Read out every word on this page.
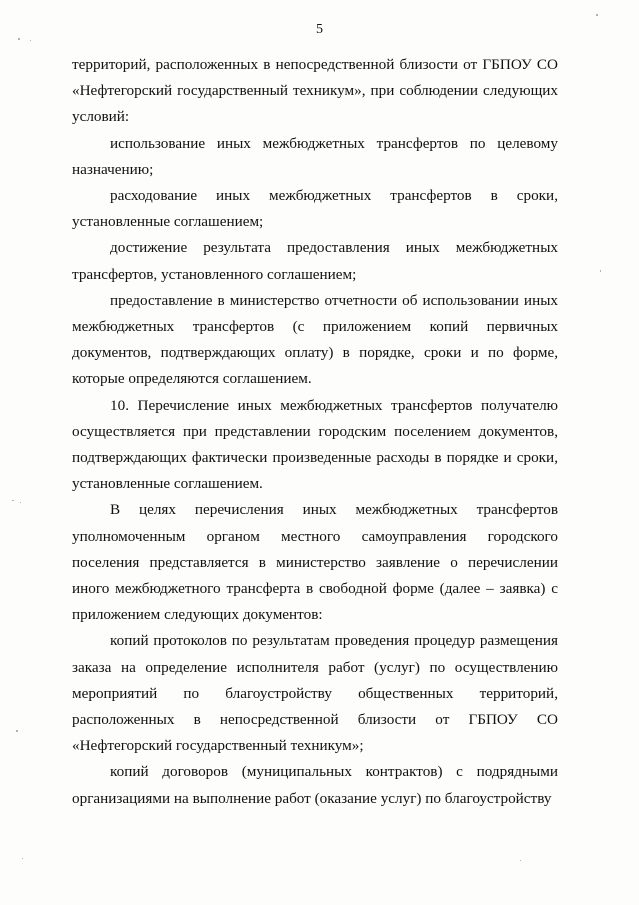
5

территорий, расположенных в непосредственной близости от ГБПОУ СО «Нефтегорский государственный техникум», при соблюдении следующих условий:

использование иных межбюджетных трансфертов по целевому назначению;

расходование иных межбюджетных трансфертов в сроки, установленные соглашением;

достижение результата предоставления иных межбюджетных трансфертов, установленного соглашением;

предоставление в министерство отчетности об использовании иных межбюджетных трансфертов (с приложением копий первичных документов, подтверждающих оплату) в порядке, сроки и по форме, которые определяются соглашением.

10. Перечисление иных межбюджетных трансфертов получателю осуществляется при представлении городским поселением документов, подтверждающих фактически произведенные расходы в порядке и сроки, установленные соглашением.

В целях перечисления иных межбюджетных трансфертов уполномоченным органом местного самоуправления городского поселения представляется в министерство заявление о перечислении иного межбюджетного трансферта в свободной форме (далее – заявка) с приложением следующих документов:

копий протоколов по результатам проведения процедур размещения заказа на определение исполнителя работ (услуг) по осуществлению мероприятий по благоустройству общественных территорий, расположенных в непосредственной близости от ГБПОУ СО «Нефтегорский государственный техникум»;

копий договоров (муниципальных контрактов) с подрядными организациями на выполнение работ (оказание услуг) по благоустройству
